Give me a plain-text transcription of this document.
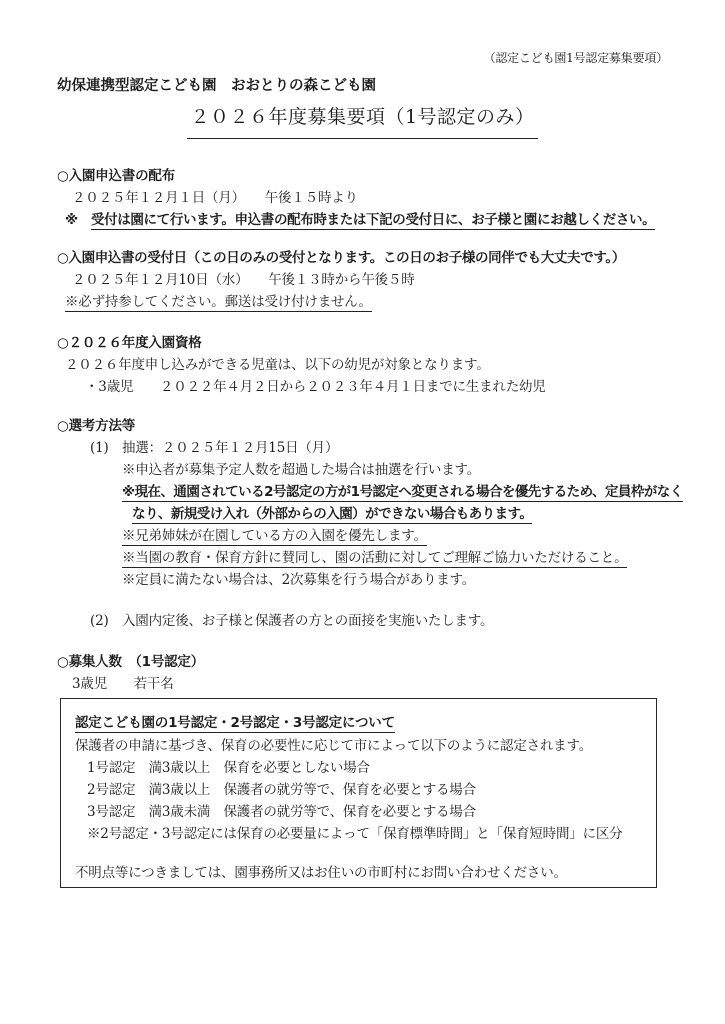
（認定こども園1号認定募集要項）
幼保連携型認定こども園　おおとりの森こども園
２０２６年度募集要項（1号認定のみ）
○入園申込書の配布
２０２５年１２月１日（月）　　午後１５時より
※　受付は園にて行います。申込書の配布時または下記の受付日に、お子様と園にお越しください。
○入園申込書の受付日（この日のみの受付となります。この日のお子様の同伴でも大丈夫です。）
２０２５年１２月10日（水）　　午後１３時から午後５時
※必ず持参してください。郵送は受け付けません。
○２０２６年度入園資格
２０２６年度申し込みができる児童は、以下の幼児が対象となります。
・3歳児　　２０２２年４月２日から２０２３年４月１日までに生まれた幼児
○選考方法等
(1) 抽選：２０２５年１２月15日（月）
※申込者が募集予定人数を超過した場合は抽選を行います。
※現在、通園されている2号認定の方が1号認定へ変更される場合を優先するため、定員枠がなく
なり、新規受け入れ（外部からの入園）ができない場合もあります。
※兄弟姉妹が在園している方の入園を優先します。
※当園の教育・保育方針に賛同し、園の活動に対してご理解ご協力いただけること。
※定員に満たない場合は、2次募集を行う場合があります。
(2) 入園内定後、お子様と保護者の方との面接を実施いたします。
○募集人数　（1号認定）
3歳児　　若干名
認定こども園の1号認定・2号認定・3号認定について
保護者の申請に基づき、保育の必要性に応じて市によって以下のように認定されます。
1号認定　満3歳以上　保育を必要としない場合
2号認定　満3歳以上　保護者の就労等で、保育を必要とする場合
3号認定　満3歳未満　保護者の就労等で、保育を必要とする場合
※2号認定・3号認定には保育の必要量によって「保育標準時間」と「保育短時間」に区分
不明点等につきましては、園事務所又はお住いの市町村にお問い合わせください。
